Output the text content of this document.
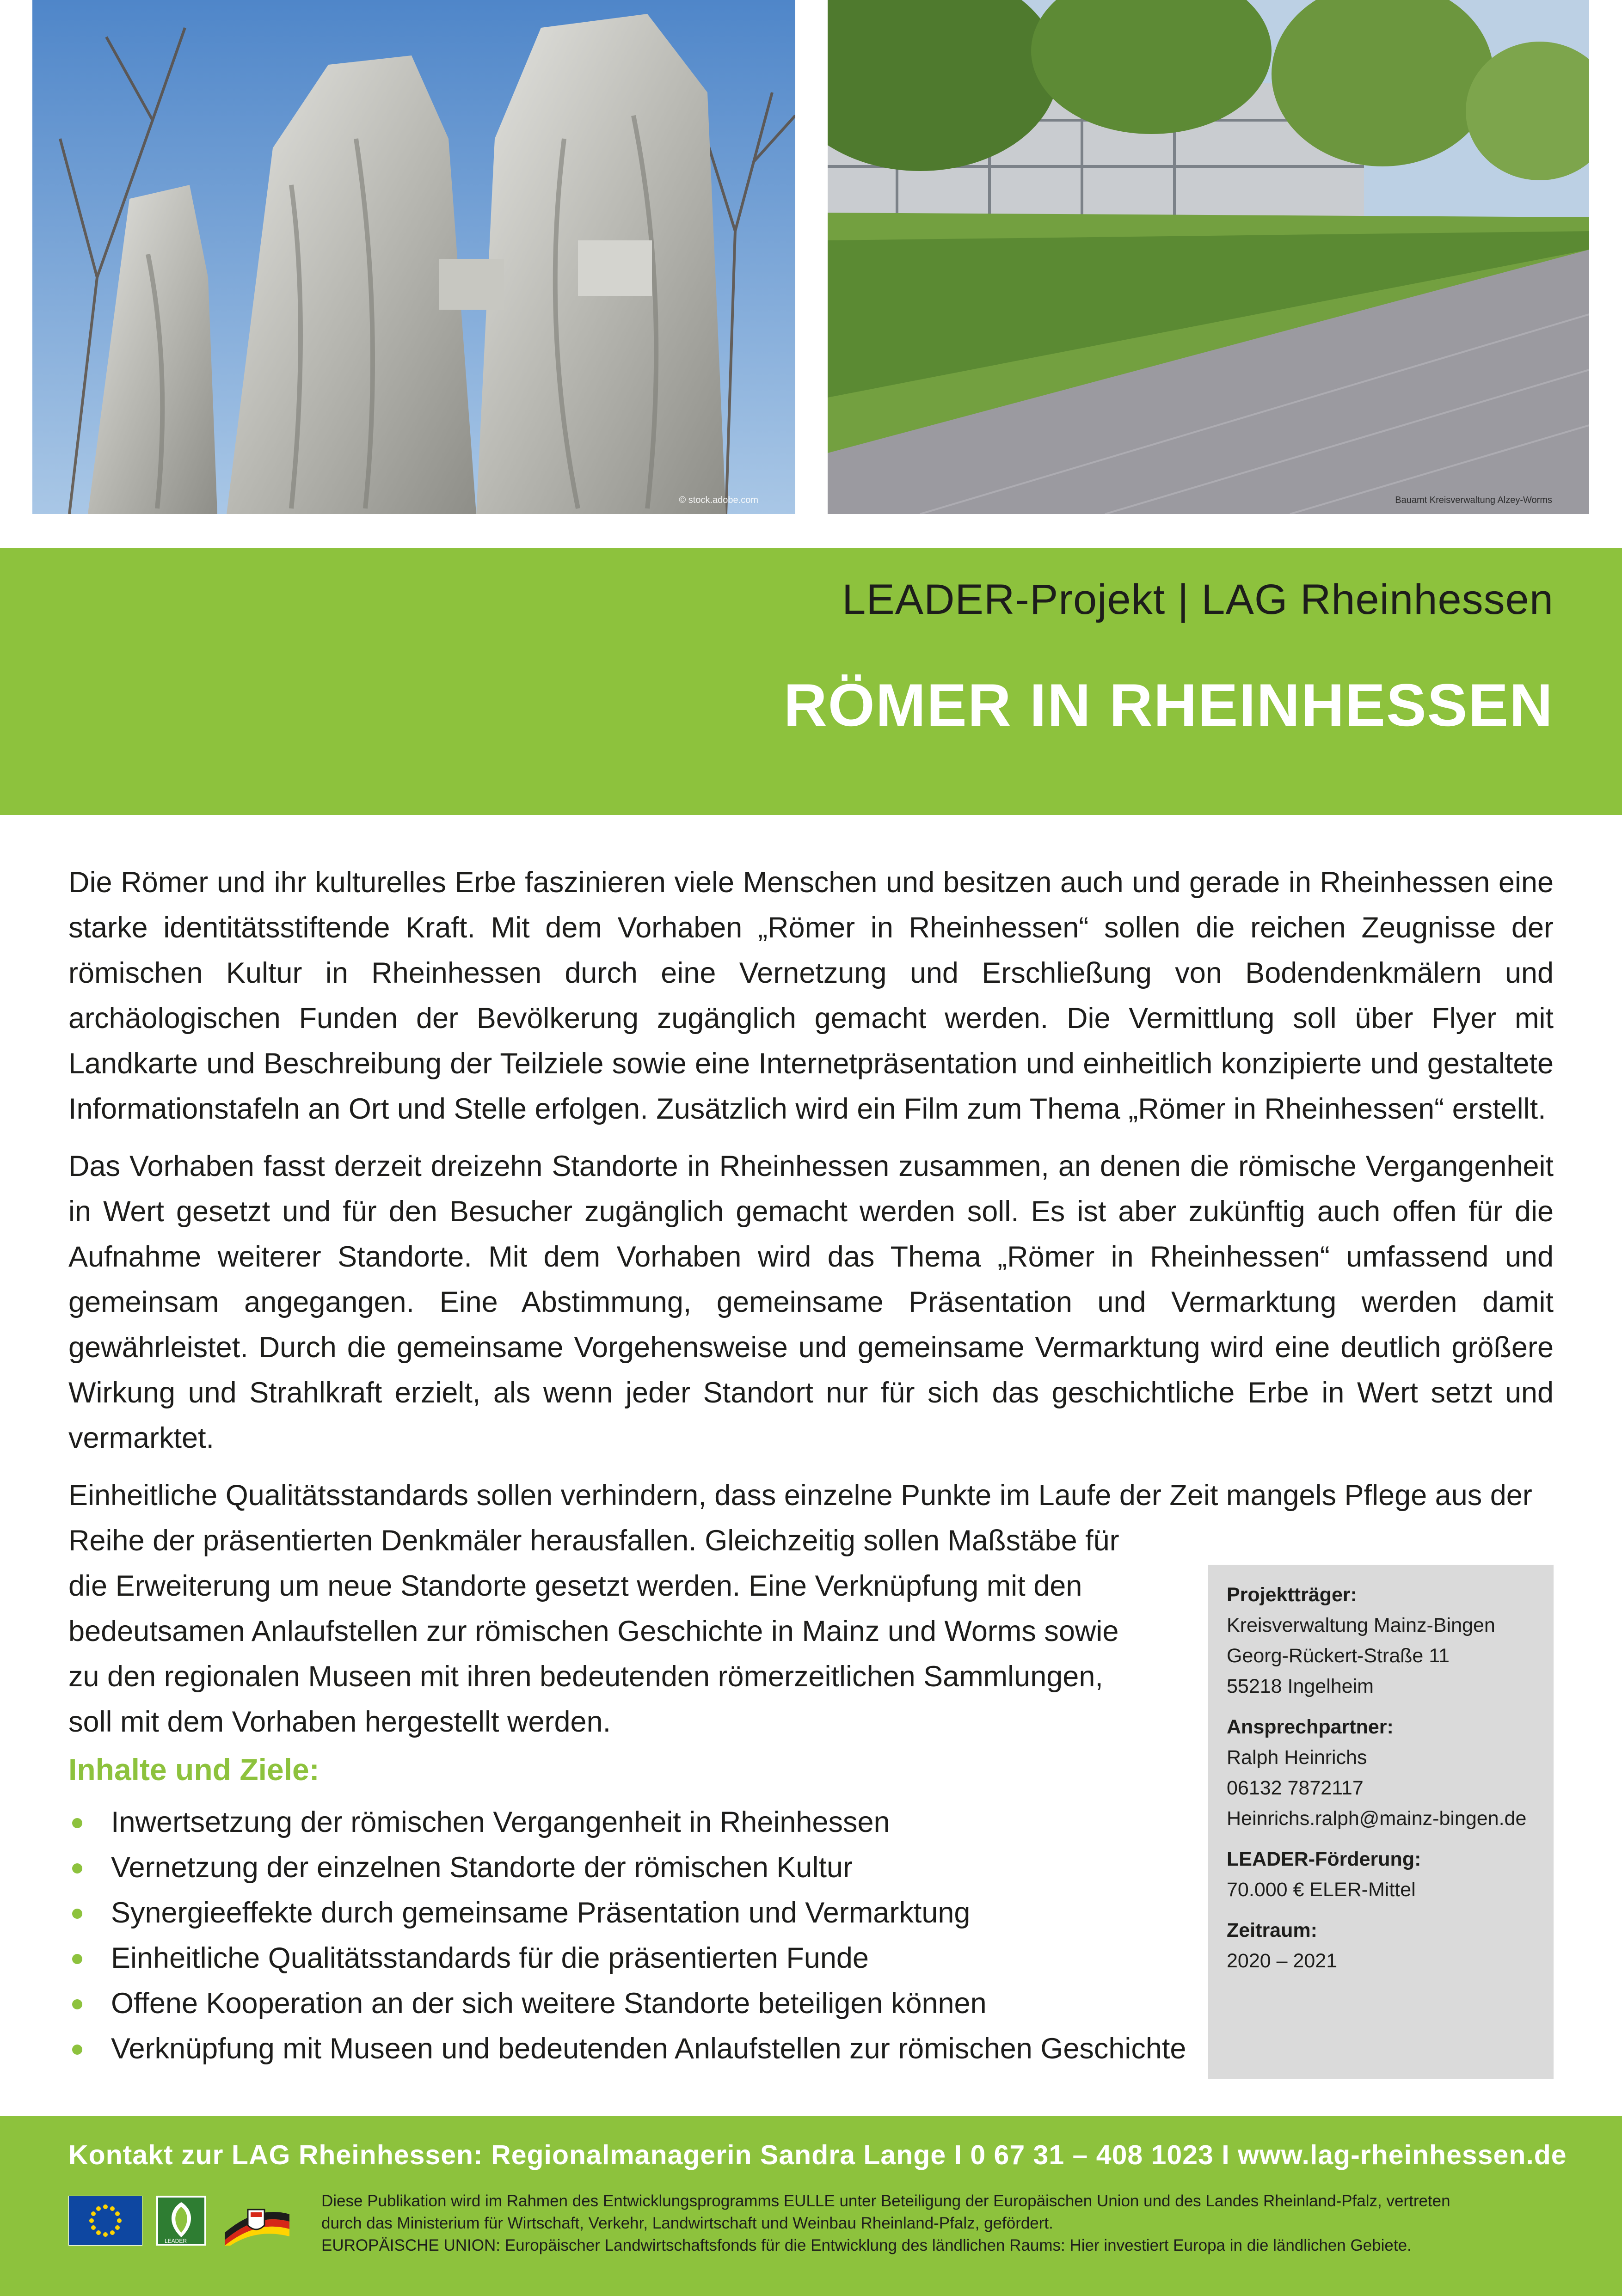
© stock.adobe.com	Bauamt Kreisverwaltung Alzey-Worms
LEADER-Projekt | LAG Rheinhessen
RÖMER IN RHEINHESSEN

Die Römer und ihr kulturelles Erbe faszinieren viele Menschen und besitzen auch und gerade in Rheinhessen eine starke identitätsstiftende Kraft. Mit dem Vorhaben „Römer in Rheinhessen“ sollen die reichen Zeugnisse der römischen Kultur in Rheinhessen durch eine Vernetzung und Erschließung von Bodendenkmälern und archäologischen Funden der Bevölkerung zugänglich gemacht werden. Die Vermittlung soll über Flyer mit Landkarte und Beschreibung der Teilziele sowie eine Internetpräsentation und einheitlich konzipierte und gestaltete Informationstafeln an Ort und Stelle erfolgen. Zusätzlich wird ein Film zum Thema „Römer in Rheinhessen“ erstellt.

Das Vorhaben fasst derzeit dreizehn Standorte in Rheinhessen zusammen, an denen die römische Vergangenheit in Wert gesetzt und für den Besucher zugänglich gemacht werden soll. Es ist aber zukünftig auch offen für die Aufnahme weiterer Standorte. Mit dem Vorhaben wird das Thema „Römer in Rheinhessen“ umfassend und gemeinsam angegangen. Eine Abstimmung, gemeinsame Präsentation und Vermarktung werden damit gewährleistet. Durch die gemeinsame Vorgehensweise und gemeinsame Vermarktung wird eine deutlich größere Wirkung und Strahlkraft erzielt, als wenn jeder Standort nur für sich das geschichtliche Erbe in Wert setzt und vermarktet.

Einheitliche Qualitätsstandards sollen verhindern, dass einzelne Punkte im Laufe der Zeit mangels Pflege aus der

Reihe der präsentierten Denkmäler herausfallen. Gleichzeitig sollen Maßstäbe für die Erweiterung um neue Standorte gesetzt werden. Eine Verknüpfung mit den bedeutsamen Anlaufstellen zur römischen Geschichte in Mainz und Worms sowie zu den regionalen Museen mit ihren bedeutenden römerzeitlichen Sammlungen, soll mit dem Vorhaben hergestellt werden.

Inhalte und Ziele:
Inwertsetzung der römischen Vergangenheit in Rheinhessen
Vernetzung der einzelnen Standorte der römischen Kultur
Synergieeffekte durch gemeinsame Präsentation und Vermarktung
Einheitliche Qualitätsstandards für die präsentierten Funde
Offene Kooperation an der sich weitere Standorte beteiligen können
Verknüpfung mit Museen und bedeutenden Anlaufstellen zur römischen Geschichte
Projektträger:
Kreisverwaltung Mainz-Bingen
Georg-Rückert-Straße 11
55218 Ingelheim
Ansprechpartner:
Ralph Heinrichs
06132 7872117
Heinrichs.ralph@mainz-bingen.de
LEADER-Förderung:
70.000 € ELER-Mittel
Zeitraum:
2020 – 2021
Kontakt zur LAG Rheinhessen: Regionalmanagerin Sandra Lange I 0 67 31 – 408 1023 I www.lag-rheinhessen.de
LEADER
Diese Publikation wird im Rahmen des Entwicklungsprogramms EULLE unter Beteiligung der Europäischen Union und des Landes Rheinland-Pfalz, vertreten
durch das Ministerium für Wirtschaft, Verkehr, Landwirtschaft und Weinbau Rheinland-Pfalz, gefördert.
EUROPÄISCHE UNION: Europäischer Landwirtschaftsfonds für die Entwicklung des ländlichen Raums: Hier investiert Europa in die ländlichen Gebiete.
